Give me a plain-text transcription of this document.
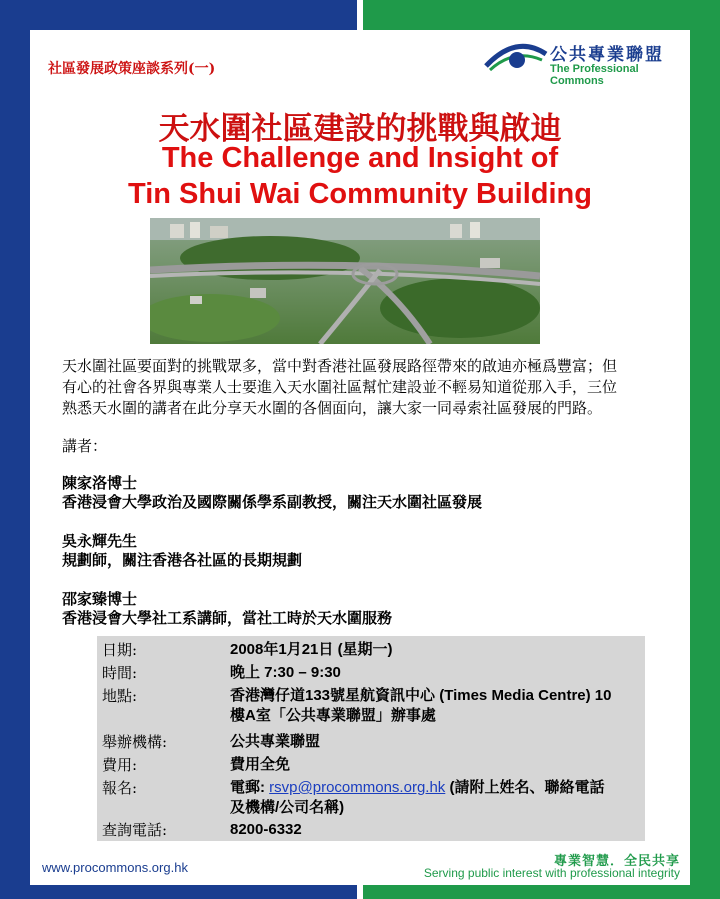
社區發展政策座談系列(一)
公共專業聯盟
The Professional Commons
天水圍社區建設的挑戰與啟迪
The Challenge and Insight of
Tin Shui Wai Community Building
天水圍社區要面對的挑戰眾多，當中對香港社區發展路徑帶來的啟迪亦極爲豐富；但
有心的社會各界與專業人士要進入天水圍社區幫忙建設並不輕易知道從那入手，三位
熟悉天水圍的講者在此分享天水圍的各個面向，讓大家一同尋索社區發展的門路。
講者：
陳家洛博士
香港浸會大學政治及國際關係學系副教授，關注天水圍社區發展
吳永輝先生
規劃師，關注香港各社區的長期規劃
邵家臻博士
香港浸會大學社工系講師，當社工時於天水圍服務
日期:	2008年1月21日 (星期一)
時間:	晚上 7:30 – 9:30
地點:	香港灣仔道133號星航資訊中心 (Times Media Centre) 10
樓A室「公共專業聯盟」辦事處
舉辦機構:	公共專業聯盟
費用:	費用全免
報名:	電郵: rsvp@procommons.org.hk (請附上姓名、聯絡電話
及機構/公司名稱)
查詢電話:	8200-6332
www.procommons.org.hk	專業智慧．全民共享
Serving public interest with professional integrity
